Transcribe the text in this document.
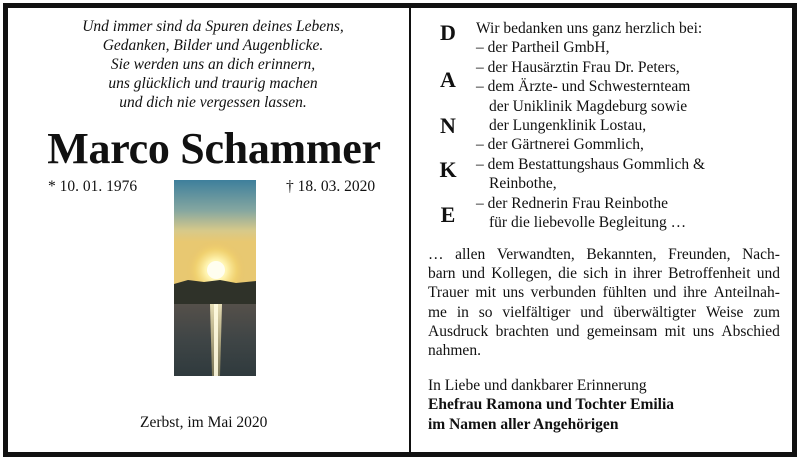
Und immer sind da Spuren deines Lebens,
Gedanken, Bilder und Augenblicke.
Sie werden uns an dich erinnern,
uns glücklich und traurig machen
und dich nie vergessen lassen.
Marco Schammer
* 10. 01. 1976	† 18. 03. 2020
Zerbst, im Mai 2020
D
A
N
K
E
Wir bedanken uns ganz herzlich bei:
– der Partheil GmbH,
– der Hausärztin Frau Dr. Peters,
– dem Ärzte- und Schwesternteam
der Uniklinik Magdeburg sowie
der Lungenklinik Lostau,
– der Gärtnerei Gommlich,
– dem Bestattungshaus Gommlich &
Reinbothe,
– der Rednerin Frau Reinbothe
für die liebevolle Begleitung …
… allen Verwandten, Bekannten, Freunden, Nach-
barn und Kollegen, die sich in ihrer Betroffenheit und
Trauer mit uns verbunden fühlten und ihre Anteilnah-
me in so vielfältiger und überwältigter Weise zum
Ausdruck brachten und gemeinsam mit uns Abschied
nahmen.
In Liebe und dankbarer Erinnerung
Ehefrau Ramona und Tochter Emilia
im Namen aller Angehörigen
